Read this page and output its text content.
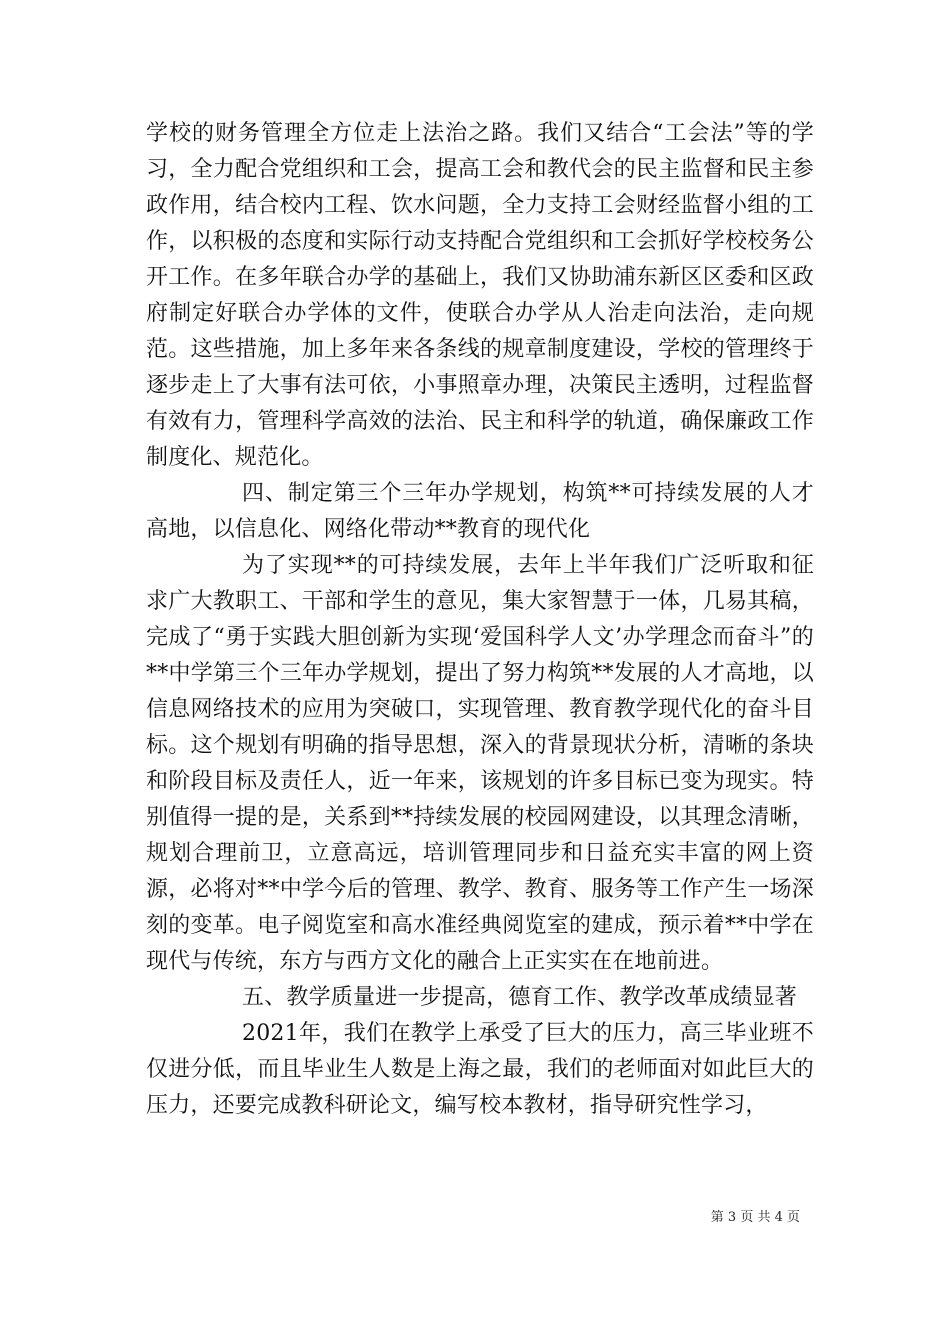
学校的财务管理全方位走上法治之路。我们又结合“工会法”等的学习，全力配合党组织和工会，提高工会和教代会的民主监督和民主参政作用，结合校内工程、饮水问题，全力支持工会财经监督小组的工作，以积极的态度和实际行动支持配合党组织和工会抓好学校校务公开工作。在多年联合办学的基础上，我们又协助浦东新区区委和区政府制定好联合办学体的文件，使联合办学从人治走向法治，走向规范。这些措施，加上多年来各条线的规章制度建设，学校的管理终于逐步走上了大事有法可依，小事照章办理，决策民主透明，过程监督有效有力，管理科学高效的法治、民主和科学的轨道，确保廉政工作制度化、规范化。

四、制定第三个三年办学规划，构筑**可持续发展的人才高地，以信息化、网络化带动**教育的现代化

为了实现**的可持续发展，去年上半年我们广泛听取和征求广大教职工、干部和学生的意见，集大家智慧于一体，几易其稿，完成了“勇于实践大胆创新为实现‘爱国科学人文’办学理念而奋斗”的**中学第三个三年办学规划，提出了努力构筑**发展的人才高地，以信息网络技术的应用为突破口，实现管理、教育教学现代化的奋斗目标。这个规划有明确的指导思想，深入的背景现状分析，清晰的条块和阶段目标及责任人，近一年来，该规划的许多目标已变为现实。特别值得一提的是，关系到**持续发展的校园网建设，以其理念清晰，规划合理前卫，立意高远，培训管理同步和日益充实丰富的网上资源，必将对**中学今后的管理、教学、教育、服务等工作产生一场深刻的变革。电子阅览室和高水准经典阅览室的建成，预示着**中学在现代与传统，东方与西方文化的融合上正实实在在地前进。

五、教学质量进一步提高，德育工作、教学改革成绩显著

2021年，我们在教学上承受了巨大的压力，高三毕业班不仅进分低，而且毕业生人数是上海之最，我们的老师面对如此巨大的压力，还要完成教科研论文，编写校本教材，指导研究性学习，

第 3 页 共 4 页
